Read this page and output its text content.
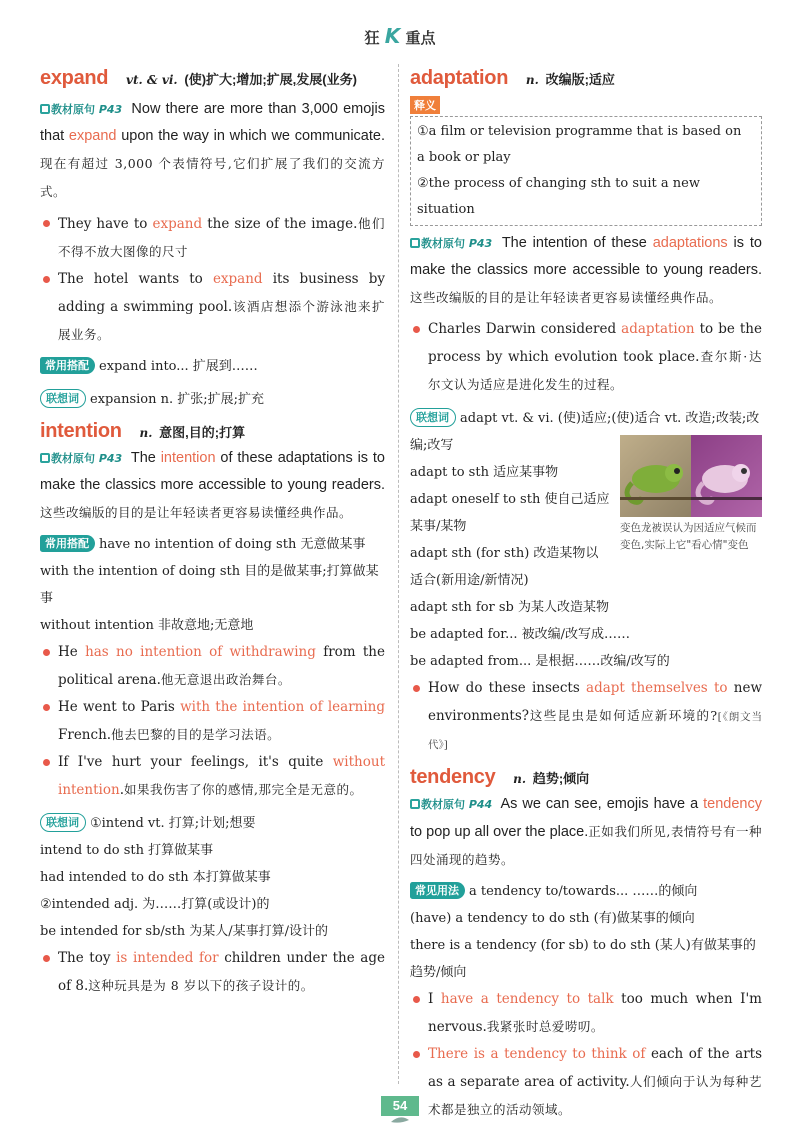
狂 K 重点
expand vt. & vi. (使)扩大;增加;扩展,发展(业务)
教材原句 P43 Now there are more than 3,000 emojis that expand upon the way in which we communicate.现在有超过 3,000 个表情符号,它们扩展了我们的交流方式。
They have to expand the size of the image.他们不得不放大图像的尺寸
The hotel wants to expand its business by adding a swimming pool.该酒店想添个游泳池来扩展业务。
常用搭配 expand into... 扩展到……
联想词 expansion n. 扩张;扩展;扩充
intention n. 意图,目的;打算
教材原句 P43 The intention of these adaptations is to make the classics more accessible to young readers.这些改编版的目的是让年轻读者更容易读懂经典作品。
常用搭配 have no intention of doing sth 无意做某事
with the intention of doing sth 目的是做某事;打算做某事
without intention 非故意地;无意地
He has no intention of withdrawing from the political arena.他无意退出政治舞台。
He went to Paris with the intention of learning French.他去巴黎的目的是学习法语。
If I've hurt your feelings, it's quite without intention.如果我伤害了你的感情,那完全是无意的。
联想词 ①intend vt. 打算;计划;想要
intend to do sth 打算做某事
had intended to do sth 本打算做某事
②intended adj. 为……打算(或设计)的
be intended for sb/sth 为某人/某事打算/设计的
The toy is intended for children under the age of 8.这种玩具是为 8 岁以下的孩子设计的。
adaptation n. 改编版;适应
释义
①a film or television programme that is based on a book or play
②the process of changing sth to suit a new situation
教材原句 P43 The intention of these adaptations is to make the classics more accessible to young readers.这些改编版的目的是让年轻读者更容易读懂经典作品。
Charles Darwin considered adaptation to be the process by which evolution took place.查尔斯·达尔文认为适应是进化发生的过程。
联想词 adapt vt. & vi. (使)适应;(使)适合 vt. 改造;改装;改编;改写
adapt to sth 适应某事物
adapt oneself to sth 使自己适应某事/某物
adapt sth (for sth) 改造某物以适合(新用途/新情况)
变色龙被误认为因适应气候而变色,实际上它"看心情"变色
adapt sth for sb 为某人改造某物
be adapted for... 被改编/改写成……
be adapted from... 是根据……改编/改写的
How do these insects adapt themselves to new environments?这些昆虫是如何适应新环境的?[《朗文当代》]
tendency n. 趋势;倾向
教材原句 P44 As we can see, emojis have a tendency to pop up all over the place.正如我们所见,表情符号有一种四处涌现的趋势。
常见用法 a tendency to/towards... ……的倾向
(have) a tendency to do sth (有)做某事的倾向
there is a tendency (for sb) to do sth (某人)有做某事的趋势/倾向
I have a tendency to talk too much when I'm nervous.我紧张时总爱唠叨。
There is a tendency to think of each of the arts as a separate area of activity.人们倾向于认为每种艺术都是独立的活动领域。
54
